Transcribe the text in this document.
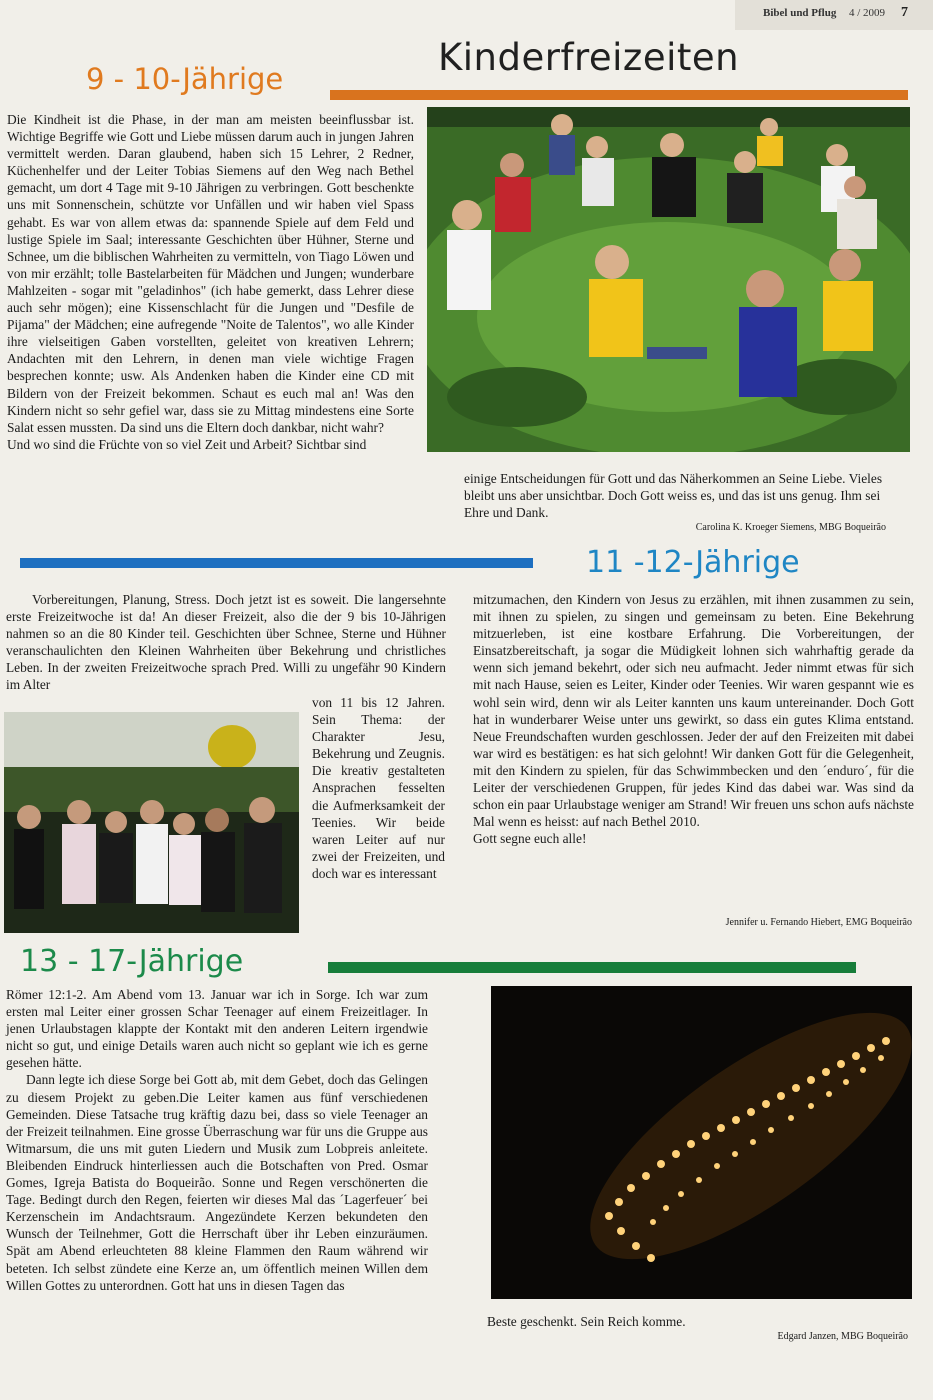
Bibel und Pflug 4 / 2009 7
Kinderfreizeiten
9 - 10-Jährige

Die Kindheit ist die Phase, in der man am meisten beeinflussbar ist. Wichtige Begriffe wie Gott und Liebe müssen darum auch in jungen Jahren vermittelt werden. Daran glaubend, haben sich 15 Lehrer, 2 Redner, Küchenhelfer und der Leiter Tobias Siemens auf den Weg nach Bethel gemacht, um dort 4 Tage mit 9-10 Jährigen zu verbringen. Gott beschenkte uns mit Sonnenschein, schützte vor Unfällen und wir haben viel Spass gehabt. Es war von allem etwas da: spannende Spiele auf dem Feld und lustige Spiele im Saal; interessante Geschichten über Hühner, Sterne und Schnee, um die biblischen Wahrheiten zu vermitteln, von Tiago Löwen und von mir erzählt; tolle Bastelarbeiten für Mädchen und Jungen; wunderbare Mahlzeiten - sogar mit "geladinhos" (ich habe gemerkt, dass Lehrer diese auch sehr mögen); eine Kissenschlacht für die Jungen und "Desfile de Pijama" der Mädchen; eine aufregende "Noite de Talentos", wo alle Kinder ihre vielseitigen Gaben vorstellten, geleitet von kreativen Lehrern; Andachten mit den Lehrern, in denen man viele wichtige Fragen besprechen konnte; usw. Als Andenken haben die Kinder eine CD mit Bildern von der Freizeit bekommen. Schaut es euch mal an! Was den Kindern nicht so sehr gefiel war, dass sie zu Mittag mindestens eine Sorte Salat essen mussten. Da sind uns die Eltern doch dankbar, nicht wahr?

Und wo sind die Früchte von so viel Zeit und Arbeit? Sichtbar sind

einige Entscheidungen für Gott und das Näherkommen an Seine Liebe. Vieles bleibt uns aber unsichtbar. Doch Gott weiss es, und das ist uns genug. Ihm sei Ehre und Dank.
Carolina K. Kroeger Siemens, MBG Boqueirão
11 -12-Jährige
Vorbereitungen, Planung, Stress. Doch jetzt ist es soweit. Die langersehnte erste Freizeitwoche ist da! An dieser Freizeit, also die der 9 bis 10-Jährigen nahmen so an die 80 Kinder teil. Geschichten über Schnee, Sterne und Hühner veranschaulichten den Kleinen Wahrheiten über Bekehrung und christliches Leben. In der zweiten Freizeitwoche sprach Pred. Willi zu ungefähr 90 Kindern im Alter
von 11 bis 12 Jahren. Sein Thema: der Charakter Jesu, Bekehrung und Zeugnis. Die kreativ gestalteten Ansprachen fesselten die Aufmerksamkeit der Teenies. Wir beide waren Leiter auf nur zwei der Freizeiten, und doch war es interessant

mitzumachen, den Kindern von Jesus zu erzählen, mit ihnen zusammen zu sein, mit ihnen zu spielen, zu singen und gemeinsam zu beten. Eine Bekehrung mitzuerleben, ist eine kostbare Erfahrung. Die Vorbereitungen, der Einsatzbereitschaft, ja sogar die Müdigkeit lohnen sich wahrhaftig gerade da wenn sich jemand bekehrt, oder sich neu aufmacht. Jeder nimmt etwas für sich mit nach Hause, seien es Leiter, Kinder oder Teenies. Wir waren gespannt wie es wohl sein wird, denn wir als Leiter kannten uns kaum untereinander. Doch Gott hat in wunderbarer Weise unter uns gewirkt, so dass ein gutes Klima entstand. Neue Freundschaften wurden geschlossen. Jeder der auf den Freizeiten mit dabei war wird es bestätigen: es hat sich gelohnt! Wir danken Gott für die Gelegenheit, mit den Kindern zu spielen, für das Schwimmbecken und den ´enduro´, für die Leiter der verschiedenen Gruppen, für jedes Kind das dabei war. Was sind da schon ein paar Urlaubstage weniger am Strand! Wir freuen uns schon aufs nächste Mal wenn es heisst: auf nach Bethel 2010.

Gott segne euch alle!

Jennifer u. Fernando Hiebert, EMG Boqueirão
13 - 17-Jährige

Römer 12:1-2. Am Abend vom 13. Januar war ich in Sorge. Ich war zum ersten mal Leiter einer grossen Schar Teenager auf einem Freizeitlager. In jenen Urlaubstagen klappte der Kontakt mit den anderen Leitern irgendwie nicht so gut, und einige Details waren auch nicht so geplant wie ich es gerne gesehen hätte.

Dann legte ich diese Sorge bei Gott ab, mit dem Gebet, doch das Gelingen zu diesem Projekt zu geben.Die Leiter kamen aus fünf verschiedenen Gemeinden. Diese Tatsache trug kräftig dazu bei, dass so viele Teenager an der Freizeit teilnahmen. Eine grosse Überraschung war für uns die Gruppe aus Witmarsum, die uns mit guten Liedern und Musik zum Lobpreis anleitete. Bleibenden Eindruck hinterliessen auch die Botschaften von Pred. Osmar Gomes, Igreja Batista do Boqueirão. Sonne und Regen verschönerten die Tage. Bedingt durch den Regen, feierten wir dieses Mal das ´Lagerfeuer´ bei Kerzenschein im Andachtsraum. Angezündete Kerzen bekundeten den Wunsch der Teilnehmer, Gott die Herrschaft über ihr Leben einzuräumen. Spät am Abend erleuchteten 88 kleine Flammen den Raum während wir beteten. Ich selbst zündete eine Kerze an, um öffentlich meinen Willen dem Willen Gottes zu unterordnen. Gott hat uns in diesen Tagen das

Beste geschenkt. Sein Reich komme.
Edgard Janzen, MBG Boqueirão
